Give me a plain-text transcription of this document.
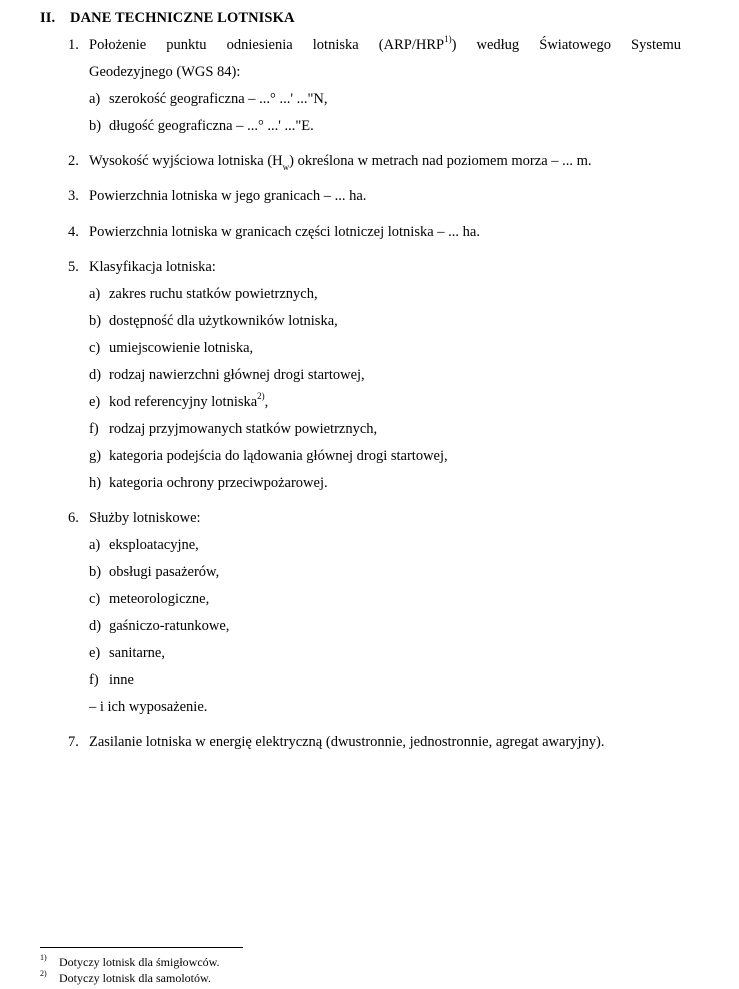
II. DANE TECHNICZNE LOTNISKA
1. Położenie punktu odniesienia lotniska (ARP/HRP$^{1)}$) według Światowego Systemu
Geodezyjnego (WGS 84):
a) szerokość geograficzna – ...° ...' ..."N,
b) długość geograficzna – ...° ...' ..."E.
2. Wysokość wyjściowa lotniska $(H_w)$ określona w metrach nad poziomem morza – ... m.
3. Powierzchnia lotniska w jego granicach – ... ha.
4. Powierzchnia lotniska w granicach części lotniczej lotniska – ... ha.
5. Klasyfikacja lotniska:
a) zakres ruchu statków powietrznych,
b) dostępność dla użytkowników lotniska,
c) umiejscowienie lotniska,
d) rodzaj nawierzchni głównej drogi startowej,
e) kod referencyjny lotniska$^{2)}$,
f) rodzaj przyjmowanych statków powietrznych,
g) kategoria podejścia do lądowania głównej drogi startowej,
h) kategoria ochrony przeciwpożarowej.
6. Służby lotniskowe:
a) eksploatacyjne,
b) obsługi pasażerów,
c) meteorologiczne,
d) gaśniczo-ratunkowe,
e) sanitarne,
f) inne
– i ich wyposażenie.
7. Zasilanie lotniska w energię elektryczną (dwustronnie, jednostronnie, agregat awaryjny).
1) Dotyczy lotnisk dla śmigłowców.
2) Dotyczy lotnisk dla samolotów.
